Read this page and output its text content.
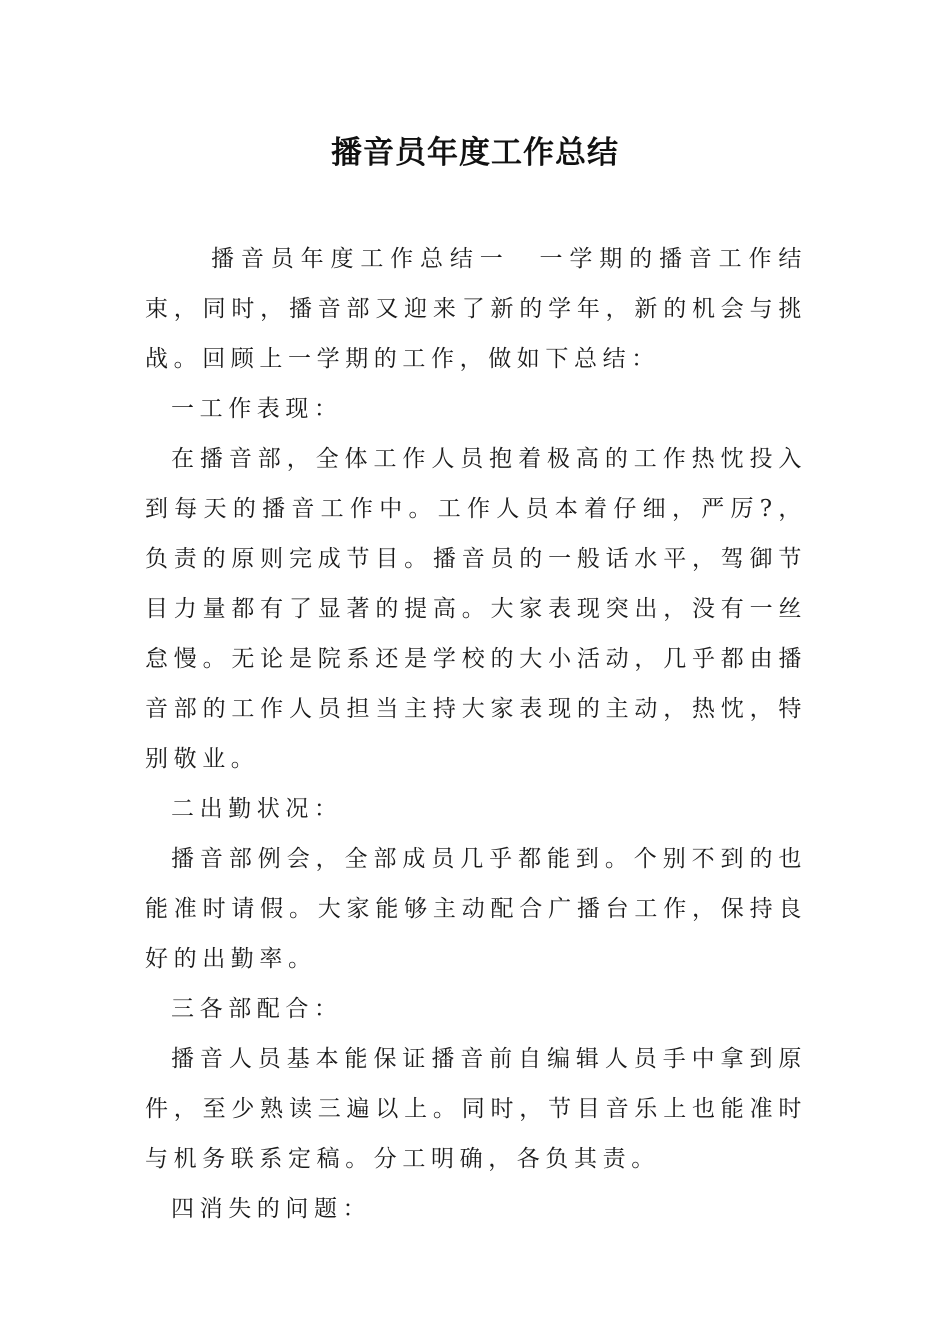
播音员年度工作总结

播音员年度工作总结一　一学期的播音工作结束，同时，播音部又迎来了新的学年，新的机会与挑战。回顾上一学期的工作，做如下总结：

一工作表现：

在播音部，全体工作人员抱着极高的工作热忱投入到每天的播音工作中。工作人员本着仔细，严厉?，负责的原则完成节目。播音员的一般话水平，驾御节目力量都有了显著的提高。大家表现突出，没有一丝怠慢。无论是院系还是学校的大小活动，几乎都由播音部的工作人员担当主持大家表现的主动，热忱，特别敬业。

二出勤状况：

播音部例会，全部成员几乎都能到。个别不到的也能准时请假。大家能够主动配合广播台工作，保持良好的出勤率。

三各部配合：

播音人员基本能保证播音前自编辑人员手中拿到原件，至少熟读三遍以上。同时，节目音乐上也能准时与机务联系定稿。分工明确，各负其责。

四消失的问题：
